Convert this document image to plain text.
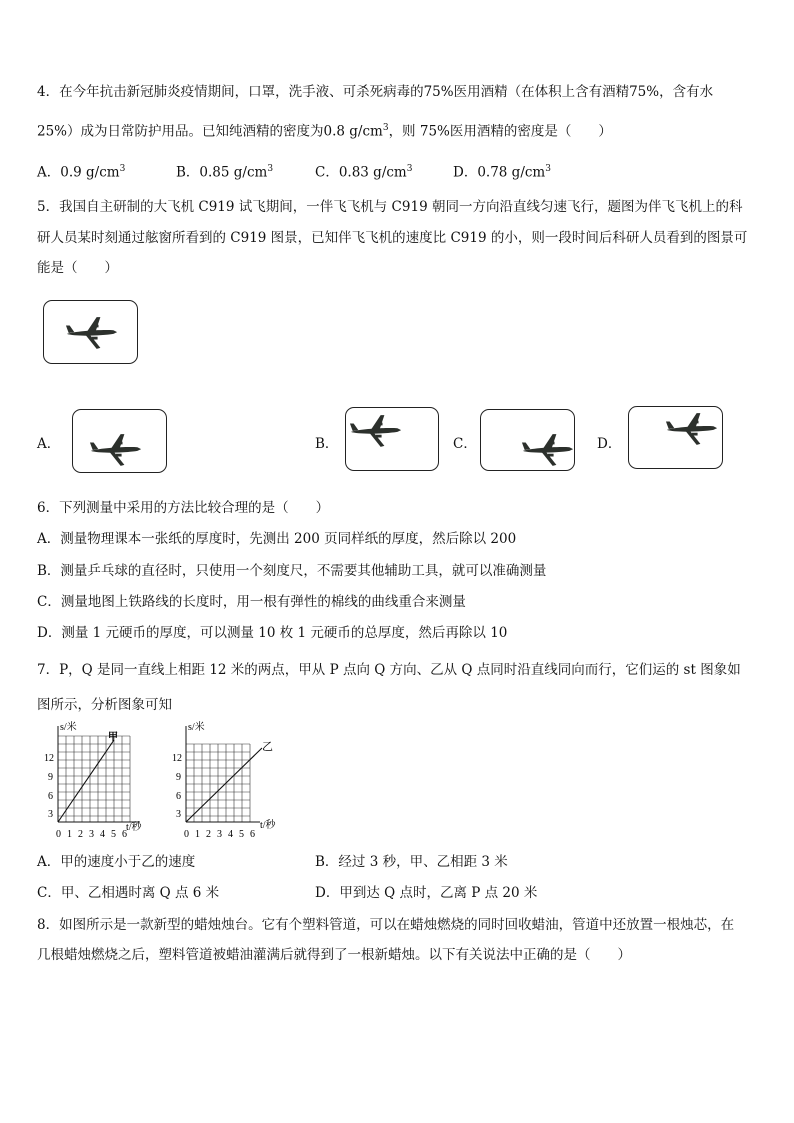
4．在今年抗击新冠肺炎疫情期间，口罩，洗手液、可杀死病毒的75%医用酒精（在体积上含有酒精75%，含有水
25%）成为日常防护用品。已知纯酒精的密度为0.8 $g/cm^3$，则 75%医用酒精的密度是（　　）
A．0.9 $g/cm^3$	B．0.85 $g/cm^3$	C．0.83 $g/cm^3$	D．0.78 $g/cm^3$
5．我国自主研制的大飞机 C919 试飞期间，一伴飞飞机与 C919 朝同一方向沿直线匀速飞行，题图为伴飞飞机上的科
研人员某时刻通过舷窗所看到的 C919 图景，已知伴飞飞机的速度比 C919 的小，则一段时间后科研人员看到的图景可
能是（　　）
A．	B．	C．	D．
6．下列测量中采用的方法比较合理的是（　　）
A．测量物理课本一张纸的厚度时，先测出 200 页同样纸的厚度，然后除以 200
B．测量乒乓球的直径时，只使用一个刻度尺，不需要其他辅助工具，就可以准确测量
C．测量地图上铁路线的长度时，用一根有弹性的棉线的曲线重合来测量
D．测量 1 元硬币的厚度，可以测量 10 枚 1 元硬币的总厚度，然后再除以 10
7．P，Q 是同一直线上相距 12 米的两点，甲从 P 点向 Q 方向、乙从 Q 点同时沿直线同向而行，它们运的 st 图象如
图所示，分析图象可知
s/米
甲
t/秒
12
9
6
3
0 1 2 3 4 5 6
s/米
乙
t/秒
12
9
6
3
0 1 2 3 4 5 6
A．甲的速度小于乙的速度	B．经过 3 秒，甲、乙相距 3 米
C．甲、乙相遇时离 Q 点 6 米	D．甲到达 Q 点时，乙离 P 点 20 米
8．如图所示是一款新型的蜡烛烛台。它有个塑料管道，可以在蜡烛燃烧的同时回收蜡油，管道中还放置一根烛芯，在
几根蜡烛燃烧之后，塑料管道被蜡油灌满后就得到了一根新蜡烛。以下有关说法中正确的是（　　）
